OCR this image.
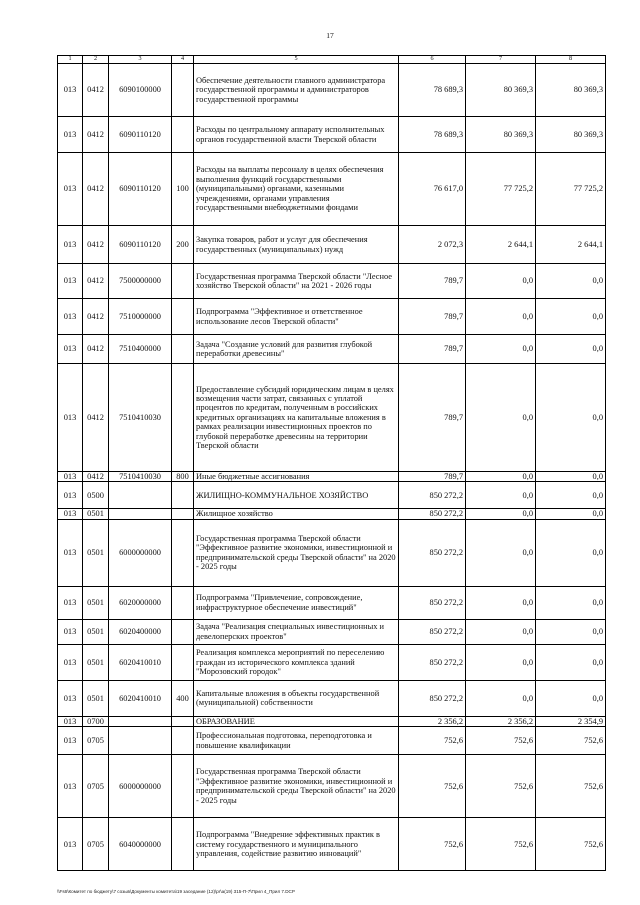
17
1	2	3	4	5	6	7	8
013	0412	6090100000		Обеспечение деятельности главного администратора государственной программы и администраторов государственной программы	78 689,3	80 369,3	80 369,3
013	0412	6090110120		Расходы по центральному аппарату исполнительных органов государственной власти Тверской области	78 689,3	80 369,3	80 369,3
013	0412	6090110120	100	Расходы на выплаты персоналу в целях обеспечения выполнения функций государственными (муниципальными) органами, казенными учреждениями, органами управления государственными внебюджетными фондами	76 617,0	77 725,2	77 725,2
013	0412	6090110120	200	Закупка товаров, работ и услуг для обеспечения государственных (муниципальных) нужд	2 072,3	2 644,1	2 644,1
013	0412	7500000000		Государственная программа Тверской области "Лесное хозяйство Тверской области" на 2021 - 2026 годы	789,7	0,0	0,0
013	0412	7510000000		Подпрограмма "Эффективное и ответственное использование лесов Тверской области"	789,7	0,0	0,0
013	0412	7510400000		Задача "Создание условий для развития глубокой переработки древесины"	789,7	0,0	0,0
013	0412	7510410030		Предоставление субсидий юридическим лицам в целях возмещения части затрат, связанных с уплатой процентов по кредитам, полученным в российских кредитных организациях на капитальные вложения в рамках реализации инвестиционных проектов по глубокой переработке древесины на территории Тверской области	789,7	0,0	0,0
013	0412	7510410030	800	Иные бюджетные ассигнования	789,7	0,0	0,0
013	0500			ЖИЛИЩНО-КОММУНАЛЬНОЕ ХОЗЯЙСТВО	850 272,2	0,0	0,0
013	0501			Жилищное хозяйство	850 272,2	0,0	0,0
013	0501	6000000000		Государственная программа Тверской области "Эффективное развитие экономики, инвестиционной и предпринимательской среды Тверской области" на 2020 - 2025 годы	850 272,2	0,0	0,0
013	0501	6020000000		Подпрограмма "Привлечение, сопровождение, инфраструктурное обеспечение инвестиций"	850 272,2	0,0	0,0
013	0501	6020400000		Задача "Реализация специальных инвестиционных и девелоперских проектов"	850 272,2	0,0	0,0
013	0501	6020410010		Реализация комплекса мероприятий по переселению граждан из исторического комплекса зданий "Морозовский городок"	850 272,2	0,0	0,0
013	0501	6020410010	400	Капитальные вложения в объекты государственной (муниципальной) собственности	850 272,2	0,0	0,0
013	0700			ОБРАЗОВАНИЕ	2 356,2	2 356,2	2 354,9
013	0705			Профессиональная подготовка, переподготовка и повышение квалификации	752,6	752,6	752,6
013	0705	6000000000		Государственная программа Тверской области "Эффективное развитие экономики, инвестиционной и предпринимательской среды Тверской области" на 2020 - 2025 годы	752,6	752,6	752,6
013	0705	6040000000		Подпрограмма "Внедрение эффективных практик в систему государственного и муниципального управления, содействие развитию инноваций"	752,6	752,6	752,6
\\Fs6\Комитет по бюджету\7 созыв\Документы комитета\19 заседание (12)\pr\a(19) 315-П-7\Прил 4_Прил 7.DCP
